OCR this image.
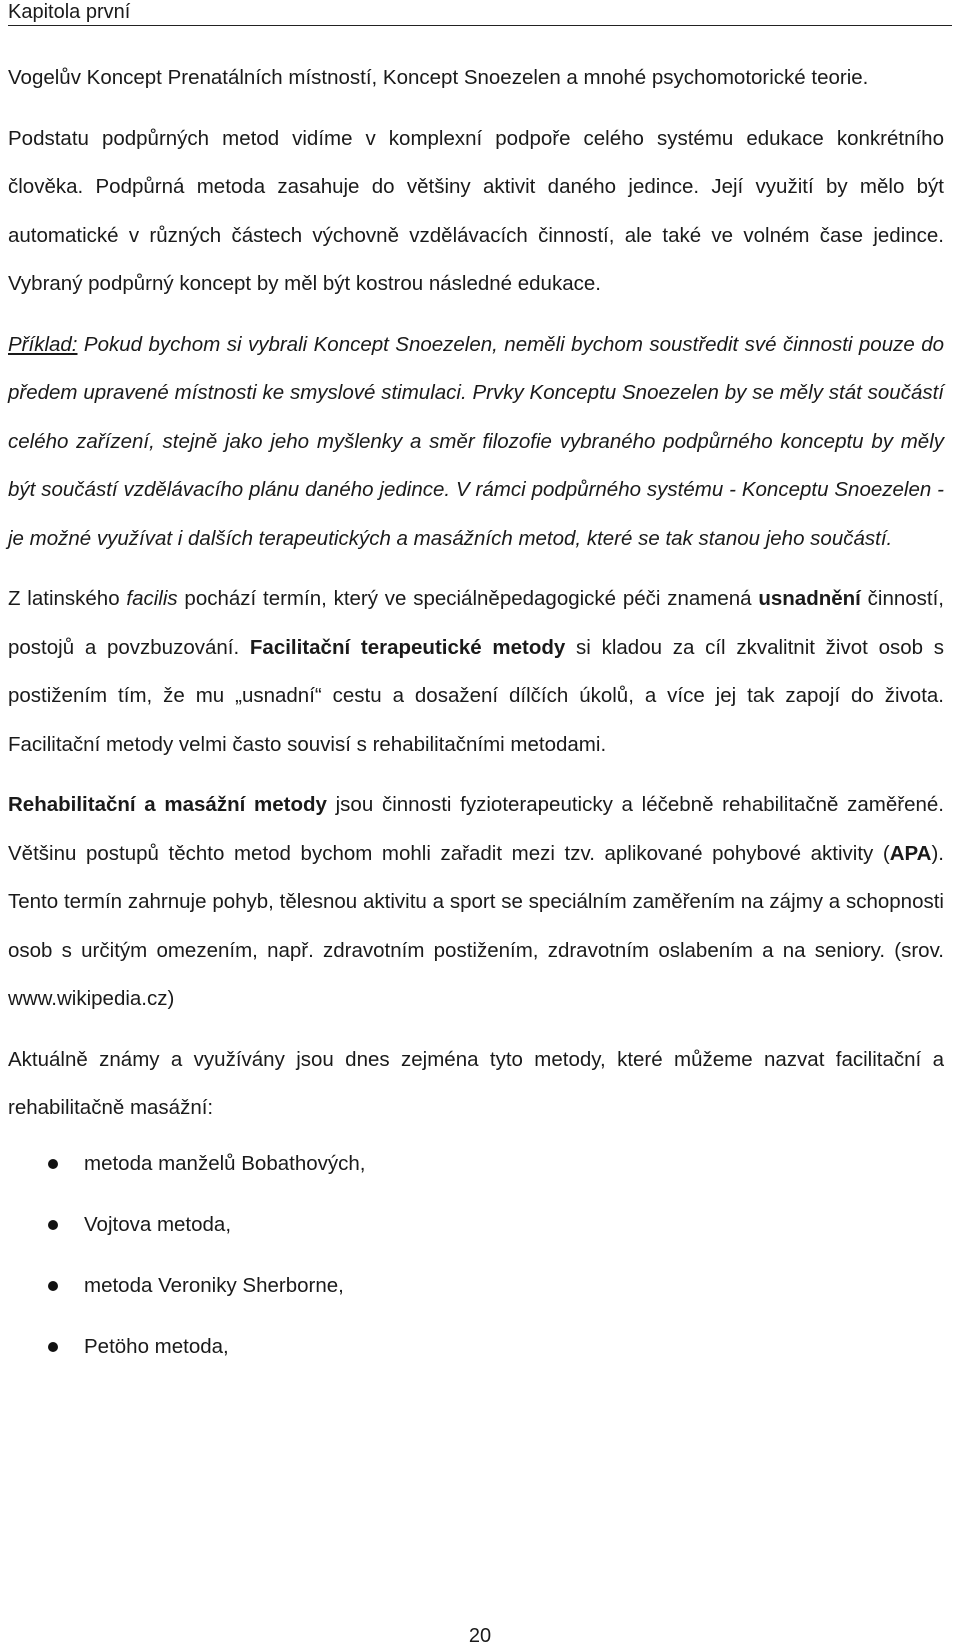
Kapitola první

Vogelův Koncept Prenatálních místností, Koncept Snoezelen a mnohé psychomotorické teorie.

Podstatu podpůrných metod vidíme v komplexní podpoře celého systému edukace konkrétního člověka. Podpůrná metoda zasahuje do většiny aktivit daného jedince. Její využití by mělo být automatické v různých částech výchovně vzdělávacích činností, ale také ve volném čase jedince. Vybraný podpůrný koncept by měl být kostrou následné edukace.

Příklad: Pokud bychom si vybrali Koncept Snoezelen, neměli bychom soustředit své činnosti pouze do předem upravené místnosti ke smyslové stimulaci. Prvky Konceptu Snoezelen by se měly stát součástí celého zařízení, stejně jako jeho myšlenky a směr filozofie vybraného podpůrného konceptu by měly být součástí vzdělávacího plánu daného jedince. V rámci podpůrného systému - Konceptu Snoezelen - je možné využívat i dalších terapeutických a masážních metod, které se tak stanou jeho součástí.

Z latinského facilis pochází termín, který ve speciálněpedagogické péči znamená usnadnění činností, postojů a povzbuzování. Facilitační terapeutické metody si kladou za cíl zkvalitnit život osob s postižením tím, že mu „usnadní“ cestu a dosažení dílčích úkolů, a více jej tak zapojí do života. Facilitační metody velmi často souvisí s rehabilitačními metodami.

Rehabilitační a masážní metody jsou činnosti fyzioterapeuticky a léčebně rehabilitačně zaměřené. Většinu postupů těchto metod bychom mohli zařadit mezi tzv. aplikované pohybové aktivity (APA). Tento termín zahrnuje pohyb, tělesnou aktivitu a sport se speciálním zaměřením na zájmy a schopnosti osob s určitým omezením, např. zdravotním postižením, zdravotním oslabením a na seniory. (srov. www.wikipedia.cz)

Aktuálně známy a využívány jsou dnes zejména tyto metody, které můžeme nazvat facilitační a rehabilitačně masážní:

metoda manželů Bobathových,
Vojtova metoda,
metoda Veroniky Sherborne,
Petöho metoda,
20
